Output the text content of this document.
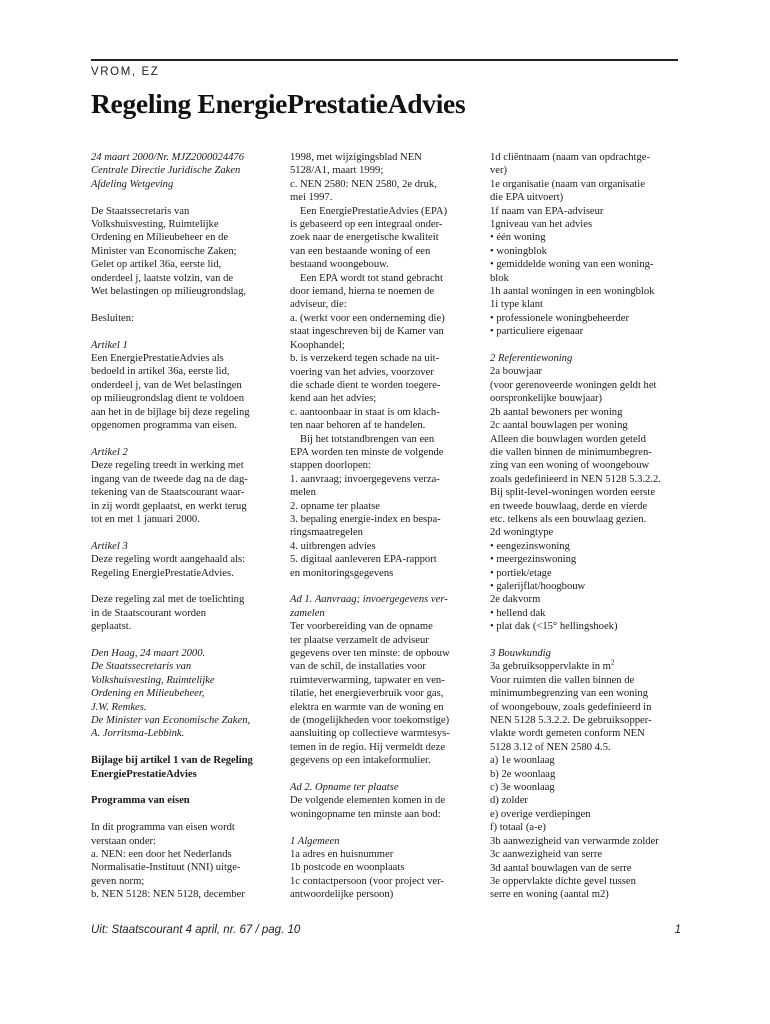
VROM, EZ
Regeling EnergiePrestatieAdvies
24 maart 2000/Nr. MJZ2000024476
Centrale Directie Juridische Zaken
Afdeling Wetgeving
De Staatssecretaris van
Volkshuisvesting, Ruimtelijke
Ordening en Milieubeheer en de
Minister van Economische Zaken;
Gelet op artikel 36a, eerste lid,
onderdeel j, laatste volzin, van de
Wet belastingen op milieugrondslag,
Besluiten:
Artikel 1
Een EnergiePrestatieAdvies als
bedoeld in artikel 36a, eerste lid,
onderdeel j, van de Wet belastingen
op milieugrondslag dient te voldoen
aan het in de bijlage bij deze regeling
opgenomen programma van eisen.
Artikel 2
Deze regeling treedt in werking met
ingang van de tweede dag na de dag-
tekening van de Staatscourant waar-
in zij wordt geplaatst, en werkt terug
tot en met 1 januari 2000.
Artikel 3
Deze regeling wordt aangehaald als:
Regeling EnergiePrestatieAdvies.
Deze regeling zal met de toelichting
in de Staatscourant worden
geplaatst.
Den Haag, 24 maart 2000.
De Staatssecretaris van
Volkshuisvesting, Ruimtelijke
Ordening en Milieubeheer,
J.W. Remkes.
De Minister van Economische Zaken,
A. Jorritsma-Lebbink.
Bijlage bij artikel 1 van de Regeling
EnergiePrestatieAdvies
Programma van eisen
In dit programma van eisen wordt
verstaan onder:
a. NEN: een door het Nederlands
Normalisatie-Instituut (NNI) uitge-
geven norm;
b. NEN 5128: NEN 5128, december
1998, met wijzigingsblad NEN
5128/A1, maart 1999;
c. NEN 2580: NEN 2580, 2e druk,
mei 1997.
Een EnergiePrestatieAdvies (EPA)
is gebaseerd op een integraal onder-
zoek naar de energetische kwaliteit
van een bestaande woning of een
bestaand woongebouw.
Een EPA wordt tot stand gebracht
door iemand, hierna te noemen de
adviseur, die:
a. (werkt voor een onderneming die)
staat ingeschreven bij de Kamer van
Koophandel;
b. is verzekerd tegen schade na uit-
voering van het advies, voorzover
die schade dient te worden toegere-
kend aan het advies;
c. aantoonbaar in staat is om klach-
ten naar behoren af te handelen.
Bij het totstandbrengen van een
EPA worden ten minste de volgende
stappen doorlopen:
1. aanvraag; invoergegevens verza-
melen
2. opname ter plaatse
3. bepaling energie-index en bespa-
ringsmaatregelen
4. uitbrengen advies
5. digitaal aanleveren EPA-rapport
en monitoringsgegevens
Ad 1. Aanvraag; invoergegevens ver-
zamelen
Ter voorbereiding van de opname
ter plaatse verzamelt de adviseur
gegevens over ten minste: de opbouw
van de schil, de installaties voor
ruimteverwarming, tapwater en ven-
tilatie, het energieverbruik voor gas,
elektra en warmte van de woning en
de (mogelijkheden voor toekomstige)
aansluiting op collectieve warmtesys-
temen in de regio. Hij vermeldt deze
gegevens op een intakeformulier.
Ad 2. Opname ter plaatse
De volgende elementen komen in de
woningopname ten minste aan bod:
1 Algemeen
1a adres en huisnummer
1b postcode en woonplaats
1c contactpersoon (voor project ver-
antwoordelijke persoon)
1d cliëntnaam (naam van opdrachtge-
ver)
1e organisatie (naam van organisatie
die EPA uitvoert)
1f naam van EPA-adviseur
1gniveau van het advies
• één woning
• woningblok
• gemiddelde woning van een woning-
blok
1h aantal woningen in een woningblok
1i type klant
• professionele woningbeheerder
• particuliere eigenaar
2 Referentiewoning
2a bouwjaar
(voor gerenoveerde woningen geldt het
oorspronkelijke bouwjaar)
2b aantal bewoners per woning
2c aantal bouwlagen per woning
Alleen die bouwlagen worden geteld
die vallen binnen de minimumbegren-
zing van een woning of woongebouw
zoals gedefinieerd in NEN 5128 5.3.2.2.
Bij split-level-woningen worden eerste
en tweede bouwlaag, derde en vierde
etc. telkens als een bouwlaag gezien.
2d woningtype
• eengezinswoning
• meergezinswoning
• portiek/etage
• galerijflat/hoogbouw
2e dakvorm
• hellend dak
• plat dak (<15° hellingshoek)
3 Bouwkundig
3a gebruiksoppervlakte in $m^2$
Voor ruimten die vallen binnen de
minimumbegrenzing van een woning
of woongebouw, zoals gedefinieerd in
NEN 5128 5.3.2.2. De gebruiksopper-
vlakte wordt gemeten conform NEN
5128 3.12 of NEN 2580 4.5.
a) 1e woonlaag
b) 2e woonlaag
c) 3e woonlaag
d) zolder
e) overige verdiepingen
f) totaal (a-e)
3b aanwezigheid van verwarmde zolder
3c aanwezigheid van serre
3d aantal bouwlagen van de serre
3e oppervlakte dichte gevel tussen
serre en woning (aantal m2)
Uit: Staatscourant 4 april, nr. 67 / pag. 10	1
